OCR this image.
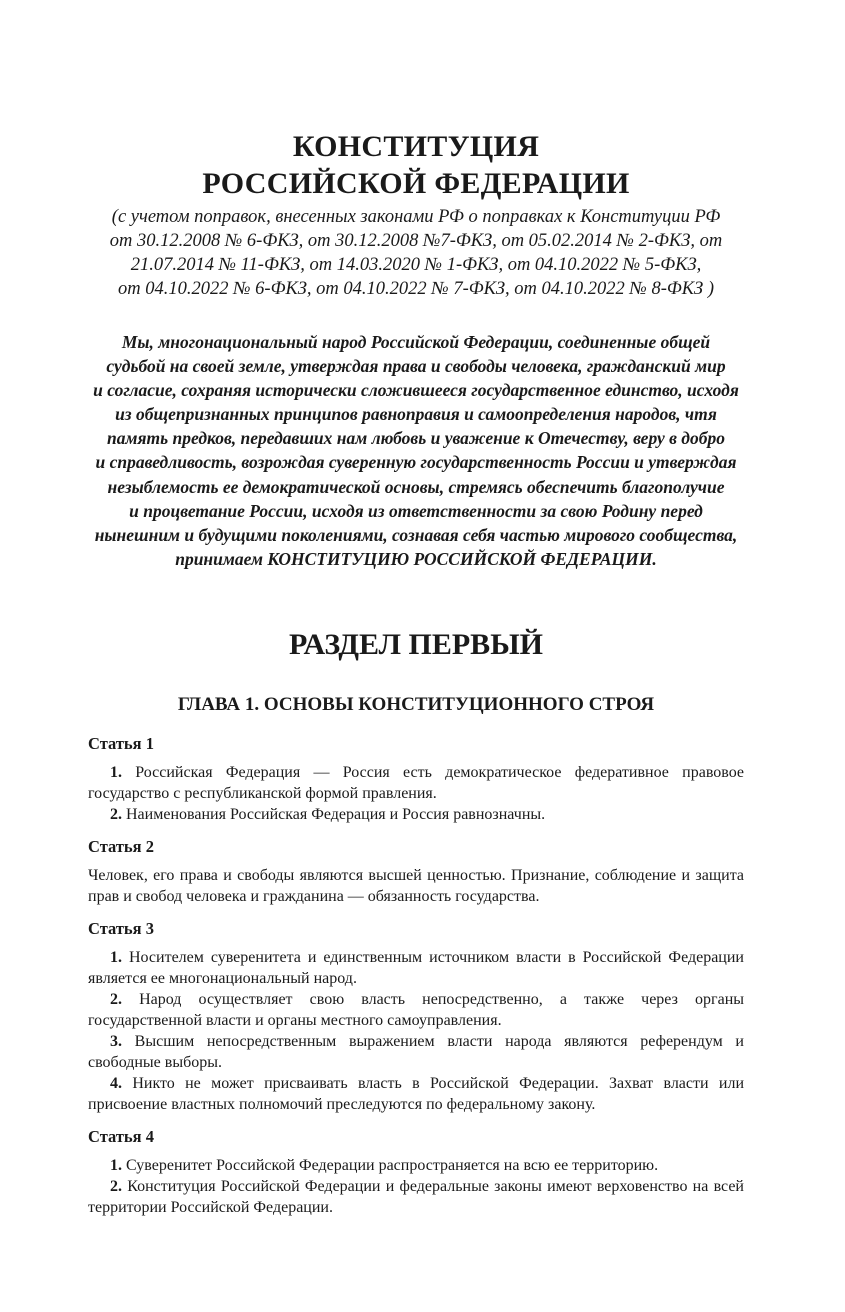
КОНСТИТУЦИЯ
РОССИЙСКОЙ ФЕДЕРАЦИИ
(с учетом поправок, внесенных законами РФ о поправках к Конституции РФ
от 30.12.2008 № 6-ФКЗ, от 30.12.2008 №7-ФКЗ, от 05.02.2014 № 2-ФКЗ, от
21.07.2014 № 11-ФКЗ, от 14.03.2020 № 1-ФКЗ, от 04.10.2022 № 5-ФКЗ,
от 04.10.2022 № 6-ФКЗ, от 04.10.2022 № 7-ФКЗ, от 04.10.2022 № 8-ФКЗ )
Мы, многонациональный народ Российской Федерации, соединенные общей
судьбой на своей земле, утверждая права и свободы человека, гражданский мир
и согласие, сохраняя исторически сложившееся государственное единство, исходя
из общепризнанных принципов равноправия и самоопределения народов, чтя
память предков, передавших нам любовь и уважение к Отечеству, веру в добро
и справедливость, возрождая суверенную государственность России и утверждая
незыблемость ее демократической основы, стремясь обеспечить благополучие
и процветание России, исходя из ответственности за свою Родину перед
нынешним и будущими поколениями, сознавая себя частью мирового сообщества,
принимаем КОНСТИТУЦИЮ РОССИЙСКОЙ ФЕДЕРАЦИИ.
РАЗДЕЛ ПЕРВЫЙ
ГЛАВА 1. ОСНОВЫ КОНСТИТУЦИОННОГО СТРОЯ

Статья 1

1. Российская Федерация — Россия есть демократическое федеративное правовое государство с республиканской формой правления.

2. Наименования Российская Федерация и Россия равнозначны.

Статья 2

Человек, его права и свободы являются высшей ценностью. Признание, соблюдение и защита прав и свобод человека и гражданина — обязанность государства.

Статья 3

1. Носителем суверенитета и единственным источником власти в Российской Федерации является ее многонациональный народ.

2. Народ осуществляет свою власть непосредственно, а также через органы государственной власти и органы местного самоуправления.

3. Высшим непосредственным выражением власти народа являются референдум и свободные выборы.

4. Никто не может присваивать власть в Российской Федерации. Захват власти или присвоение властных полномочий преследуются по федеральному закону.

Статья 4

1. Суверенитет Российской Федерации распространяется на всю ее территорию.

2. Конституция Российской Федерации и федеральные законы имеют верховенство на всей территории Российской Федерации.
